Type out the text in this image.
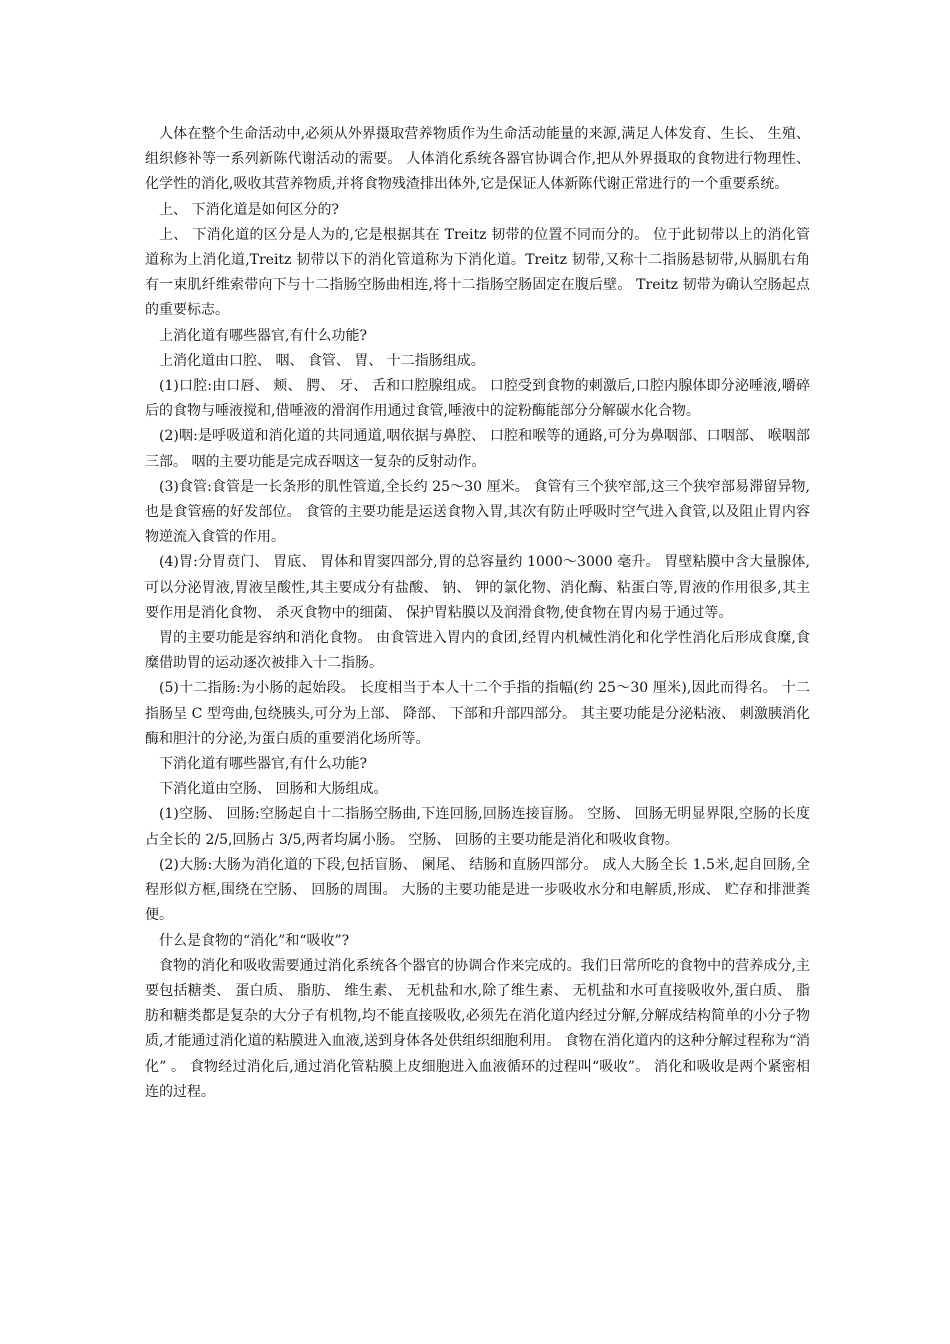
人体在整个生命活动中,必须从外界摄取营养物质作为生命活动能量的来源,满足人体发育、生长、 生殖、 组织修补等一系列新陈代谢活动的需要。 人体消化系统各器官协调合作,把从外界摄取的食物进行物理性、 化学性的消化,吸收其营养物质,并将食物残渣排出体外,它是保证人体新陈代谢正常进行的一个重要系统。

上、 下消化道是如何区分的?

上、 下消化道的区分是人为的,它是根据其在 Treitz 韧带的位置不同而分的。 位于此韧带以上的消化管道称为上消化道,Treitz 韧带以下的消化管道称为下消化道。Treitz 韧带,又称十二指肠悬韧带,从膈肌右角有一束肌纤维索带向下与十二指肠空肠曲相连,将十二指肠空肠固定在腹后壁。 Treitz 韧带为确认空肠起点的重要标志。

上消化道有哪些器官,有什么功能?

上消化道由口腔、 咽、 食管、 胃、 十二指肠组成。

(1)口腔:由口唇、 颊、 腭、 牙、 舌和口腔腺组成。 口腔受到食物的刺激后,口腔内腺体即分泌唾液,嚼碎后的食物与唾液搅和,借唾液的滑润作用通过食管,唾液中的淀粉酶能部分分解碳水化合物。

(2)咽:是呼吸道和消化道的共同通道,咽依据与鼻腔、 口腔和喉等的通路,可分为鼻咽部、口咽部、 喉咽部三部。 咽的主要功能是完成吞咽这一复杂的反射动作。

(3)食管:食管是一长条形的肌性管道,全长约 25～30 厘米。 食管有三个狭窄部,这三个狭窄部易滞留异物,也是食管癌的好发部位。 食管的主要功能是运送食物入胃,其次有防止呼吸时空气进入食管,以及阻止胃内容物逆流入食管的作用。

(4)胃:分胃贲门、 胃底、 胃体和胃窦四部分,胃的总容量约 1000～3000 毫升。 胃壁粘膜中含大量腺体,可以分泌胃液,胃液呈酸性,其主要成分有盐酸、 钠、 钾的氯化物、消化酶、粘蛋白等,胃液的作用很多,其主要作用是消化食物、 杀灭食物中的细菌、 保护胃粘膜以及润滑食物,使食物在胃内易于通过等。

胃的主要功能是容纳和消化食物。 由食管进入胃内的食团,经胃内机械性消化和化学性消化后形成食糜,食糜借助胃的运动逐次被排入十二指肠。

(5)十二指肠:为小肠的起始段。 长度相当于本人十二个手指的指幅(约 25～30 厘米),因此而得名。 十二指肠呈 C 型弯曲,包绕胰头,可分为上部、 降部、 下部和升部四部分。 其主要功能是分泌粘液、 刺激胰消化酶和胆汁的分泌,为蛋白质的重要消化场所等。

下消化道有哪些器官,有什么功能?

下消化道由空肠、 回肠和大肠组成。

(1)空肠、 回肠:空肠起自十二指肠空肠曲,下连回肠,回肠连接盲肠。 空肠、 回肠无明显界限,空肠的长度占全长的 2/5,回肠占 3/5,两者均属小肠。 空肠、 回肠的主要功能是消化和吸收食物。

(2)大肠:大肠为消化道的下段,包括盲肠、 阑尾、 结肠和直肠四部分。 成人大肠全长 1.5米,起自回肠,全程形似方框,围绕在空肠、 回肠的周围。 大肠的主要功能是进一步吸收水分和电解质,形成、 贮存和排泄粪便。

什么是食物的“消化”和“吸收”?

食物的消化和吸收需要通过消化系统各个器官的协调合作来完成的。我们日常所吃的食物中的营养成分,主要包括糖类、 蛋白质、 脂肪、 维生素、 无机盐和水,除了维生素、 无机盐和水可直接吸收外,蛋白质、 脂肪和糖类都是复杂的大分子有机物,均不能直接吸收,必须先在消化道内经过分解,分解成结构简单的小分子物质,才能通过消化道的粘膜进入血液,送到身体各处供组织细胞利用。 食物在消化道内的这种分解过程称为“消化” 。 食物经过消化后,通过消化管粘膜上皮细胞进入血液循环的过程叫“吸收”。 消化和吸收是两个紧密相连的过程。
